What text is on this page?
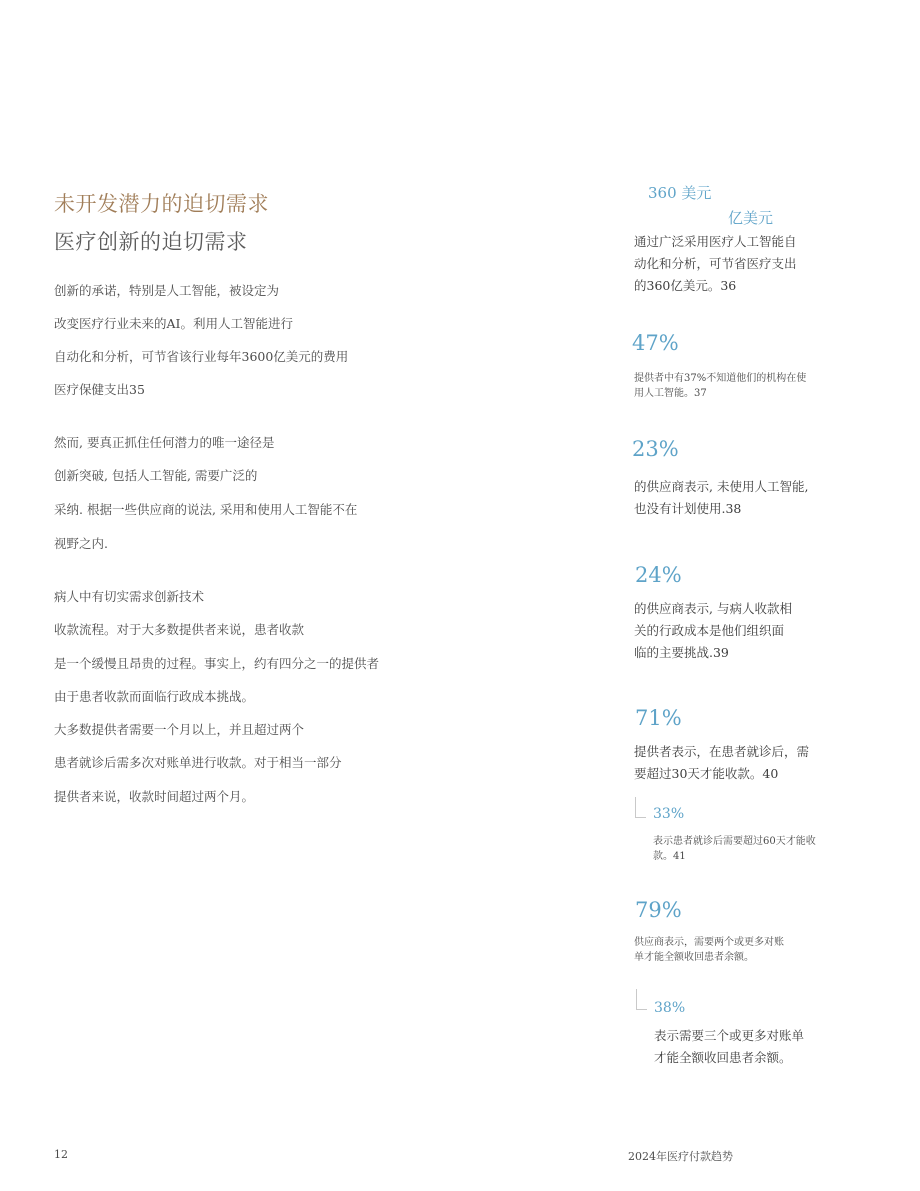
未开发潜力的迫切需求
医疗创新的迫切需求
创新的承诺，特别是人工智能，被设定为
改变医疗行业未来的AI。利用人工智能进行
自动化和分析，可节省该行业每年3600亿美元的费用
医疗保健支出35
然而, 要真正抓住任何潜力的唯一途径是
创新突破, 包括人工智能, 需要广泛的
采纳. 根据一些供应商的说法, 采用和使用人工智能不在
视野之内.
病人中有切实需求创新技术
收款流程。对于大多数提供者来说，患者收款
是一个缓慢且昂贵的过程。事实上，约有四分之一的提供者
由于患者收款而面临行政成本挑战。
大多数提供者需要一个月以上，并且超过两个
患者就诊后需多次对账单进行收款。对于相当一部分
提供者来说，收款时间超过两个月。
360 美元
亿美元
通过广泛采用医疗人工智能自
动化和分析，可节省医疗支出
的360亿美元。36
47%
提供者中有37%不知道他们的机构在使
用人工智能。37
23%
的供应商表示, 未使用人工智能,
也没有计划使用.38
24%
的供应商表示, 与病人收款相
关的行政成本是他们组织面
临的主要挑战.39
71%
提供者表示，在患者就诊后，需
要超过30天才能收款。40
33%
表示患者就诊后需要超过60天才能收
款。41
79%
供应商表示，需要两个或更多对账
单才能全额收回患者余额。
38%
表示需要三个或更多对账单
才能全额收回患者余额。
12	2024年医疗付款趋势
